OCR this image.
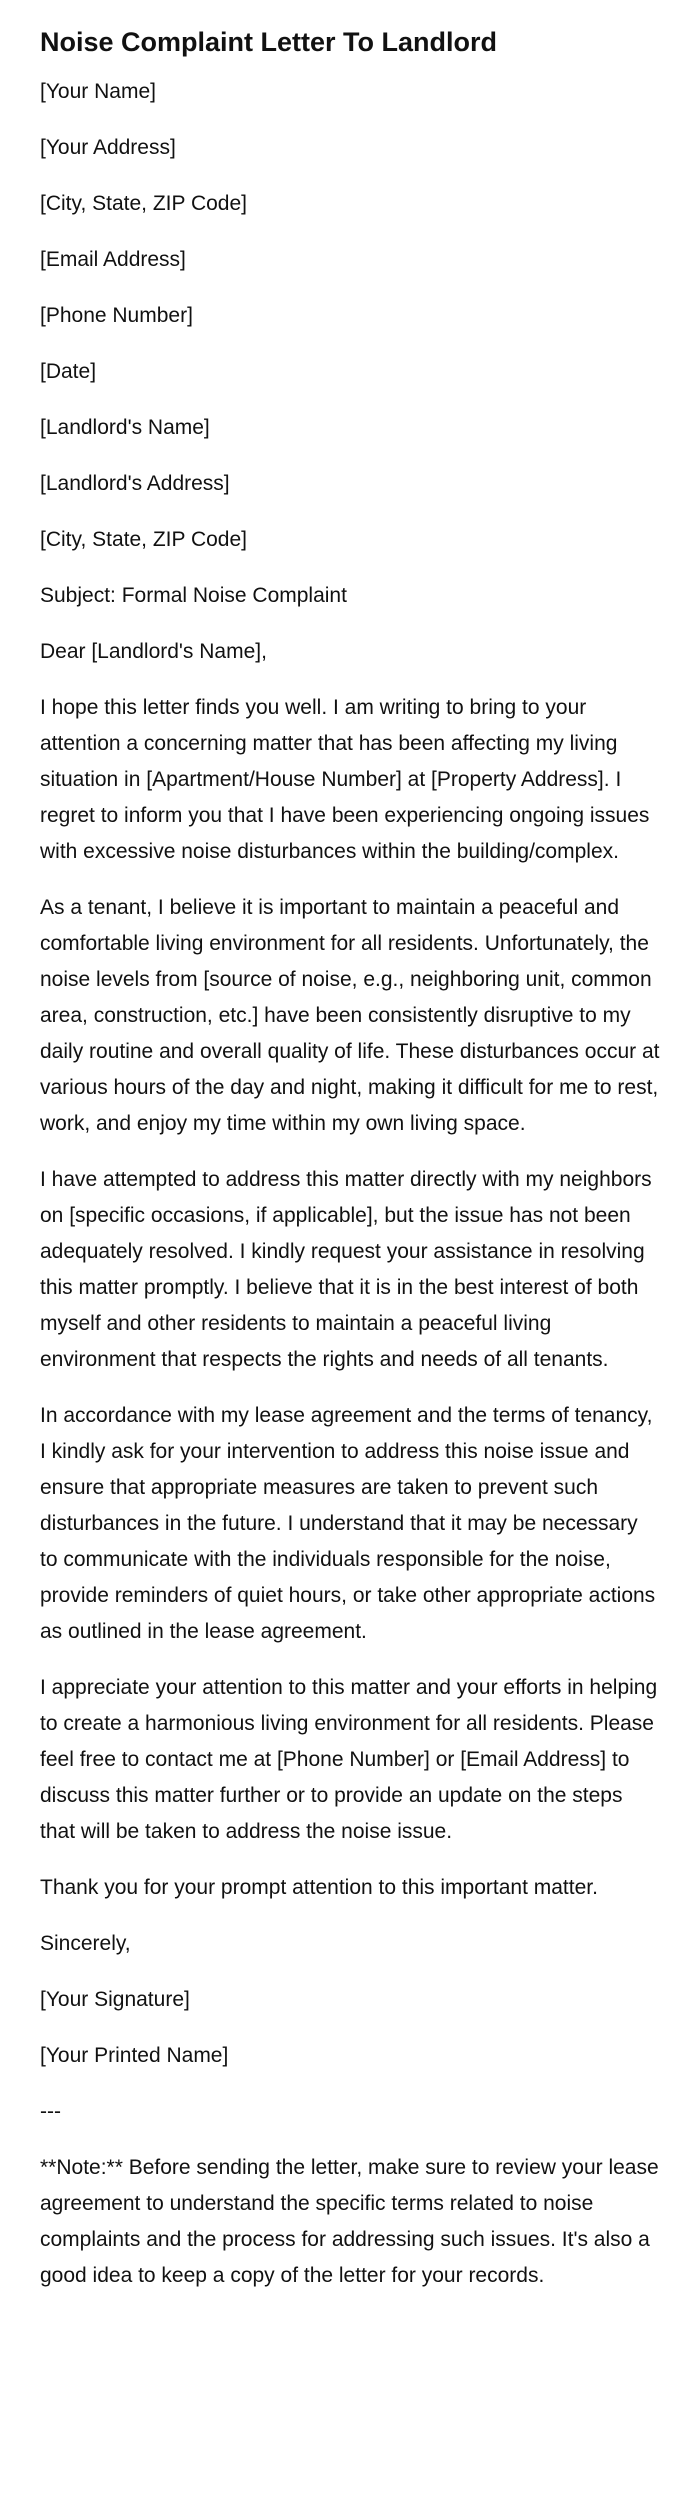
Noise Complaint Letter To Landlord

[Your Name]

[Your Address]

[City, State, ZIP Code]

[Email Address]

[Phone Number]

[Date]

[Landlord's Name]

[Landlord's Address]

[City, State, ZIP Code]

Subject: Formal Noise Complaint

Dear [Landlord's Name],

I hope this letter finds you well. I am writing to bring to your attention a concerning matter that has been affecting my living situation in [Apartment/House Number] at [Property Address]. I regret to inform you that I have been experiencing ongoing issues with excessive noise disturbances within the building/complex.

As a tenant, I believe it is important to maintain a peaceful and comfortable living environment for all residents. Unfortunately, the noise levels from [source of noise, e.g., neighboring unit, common area, construction, etc.] have been consistently disruptive to my daily routine and overall quality of life. These disturbances occur at various hours of the day and night, making it difficult for me to rest, work, and enjoy my time within my own living space.

I have attempted to address this matter directly with my neighbors on [specific occasions, if applicable], but the issue has not been adequately resolved. I kindly request your assistance in resolving this matter promptly. I believe that it is in the best interest of both myself and other residents to maintain a peaceful living environment that respects the rights and needs of all tenants.

In accordance with my lease agreement and the terms of tenancy, I kindly ask for your intervention to address this noise issue and ensure that appropriate measures are taken to prevent such disturbances in the future. I understand that it may be necessary to communicate with the individuals responsible for the noise, provide reminders of quiet hours, or take other appropriate actions as outlined in the lease agreement.

I appreciate your attention to this matter and your efforts in helping to create a harmonious living environment for all residents. Please feel free to contact me at [Phone Number] or [Email Address] to discuss this matter further or to provide an update on the steps that will be taken to address the noise issue.

Thank you for your prompt attention to this important matter.

Sincerely,

[Your Signature]

[Your Printed Name]

---

**Note:** Before sending the letter, make sure to review your lease agreement to understand the specific terms related to noise complaints and the process for addressing such issues. It's also a good idea to keep a copy of the letter for your records.
